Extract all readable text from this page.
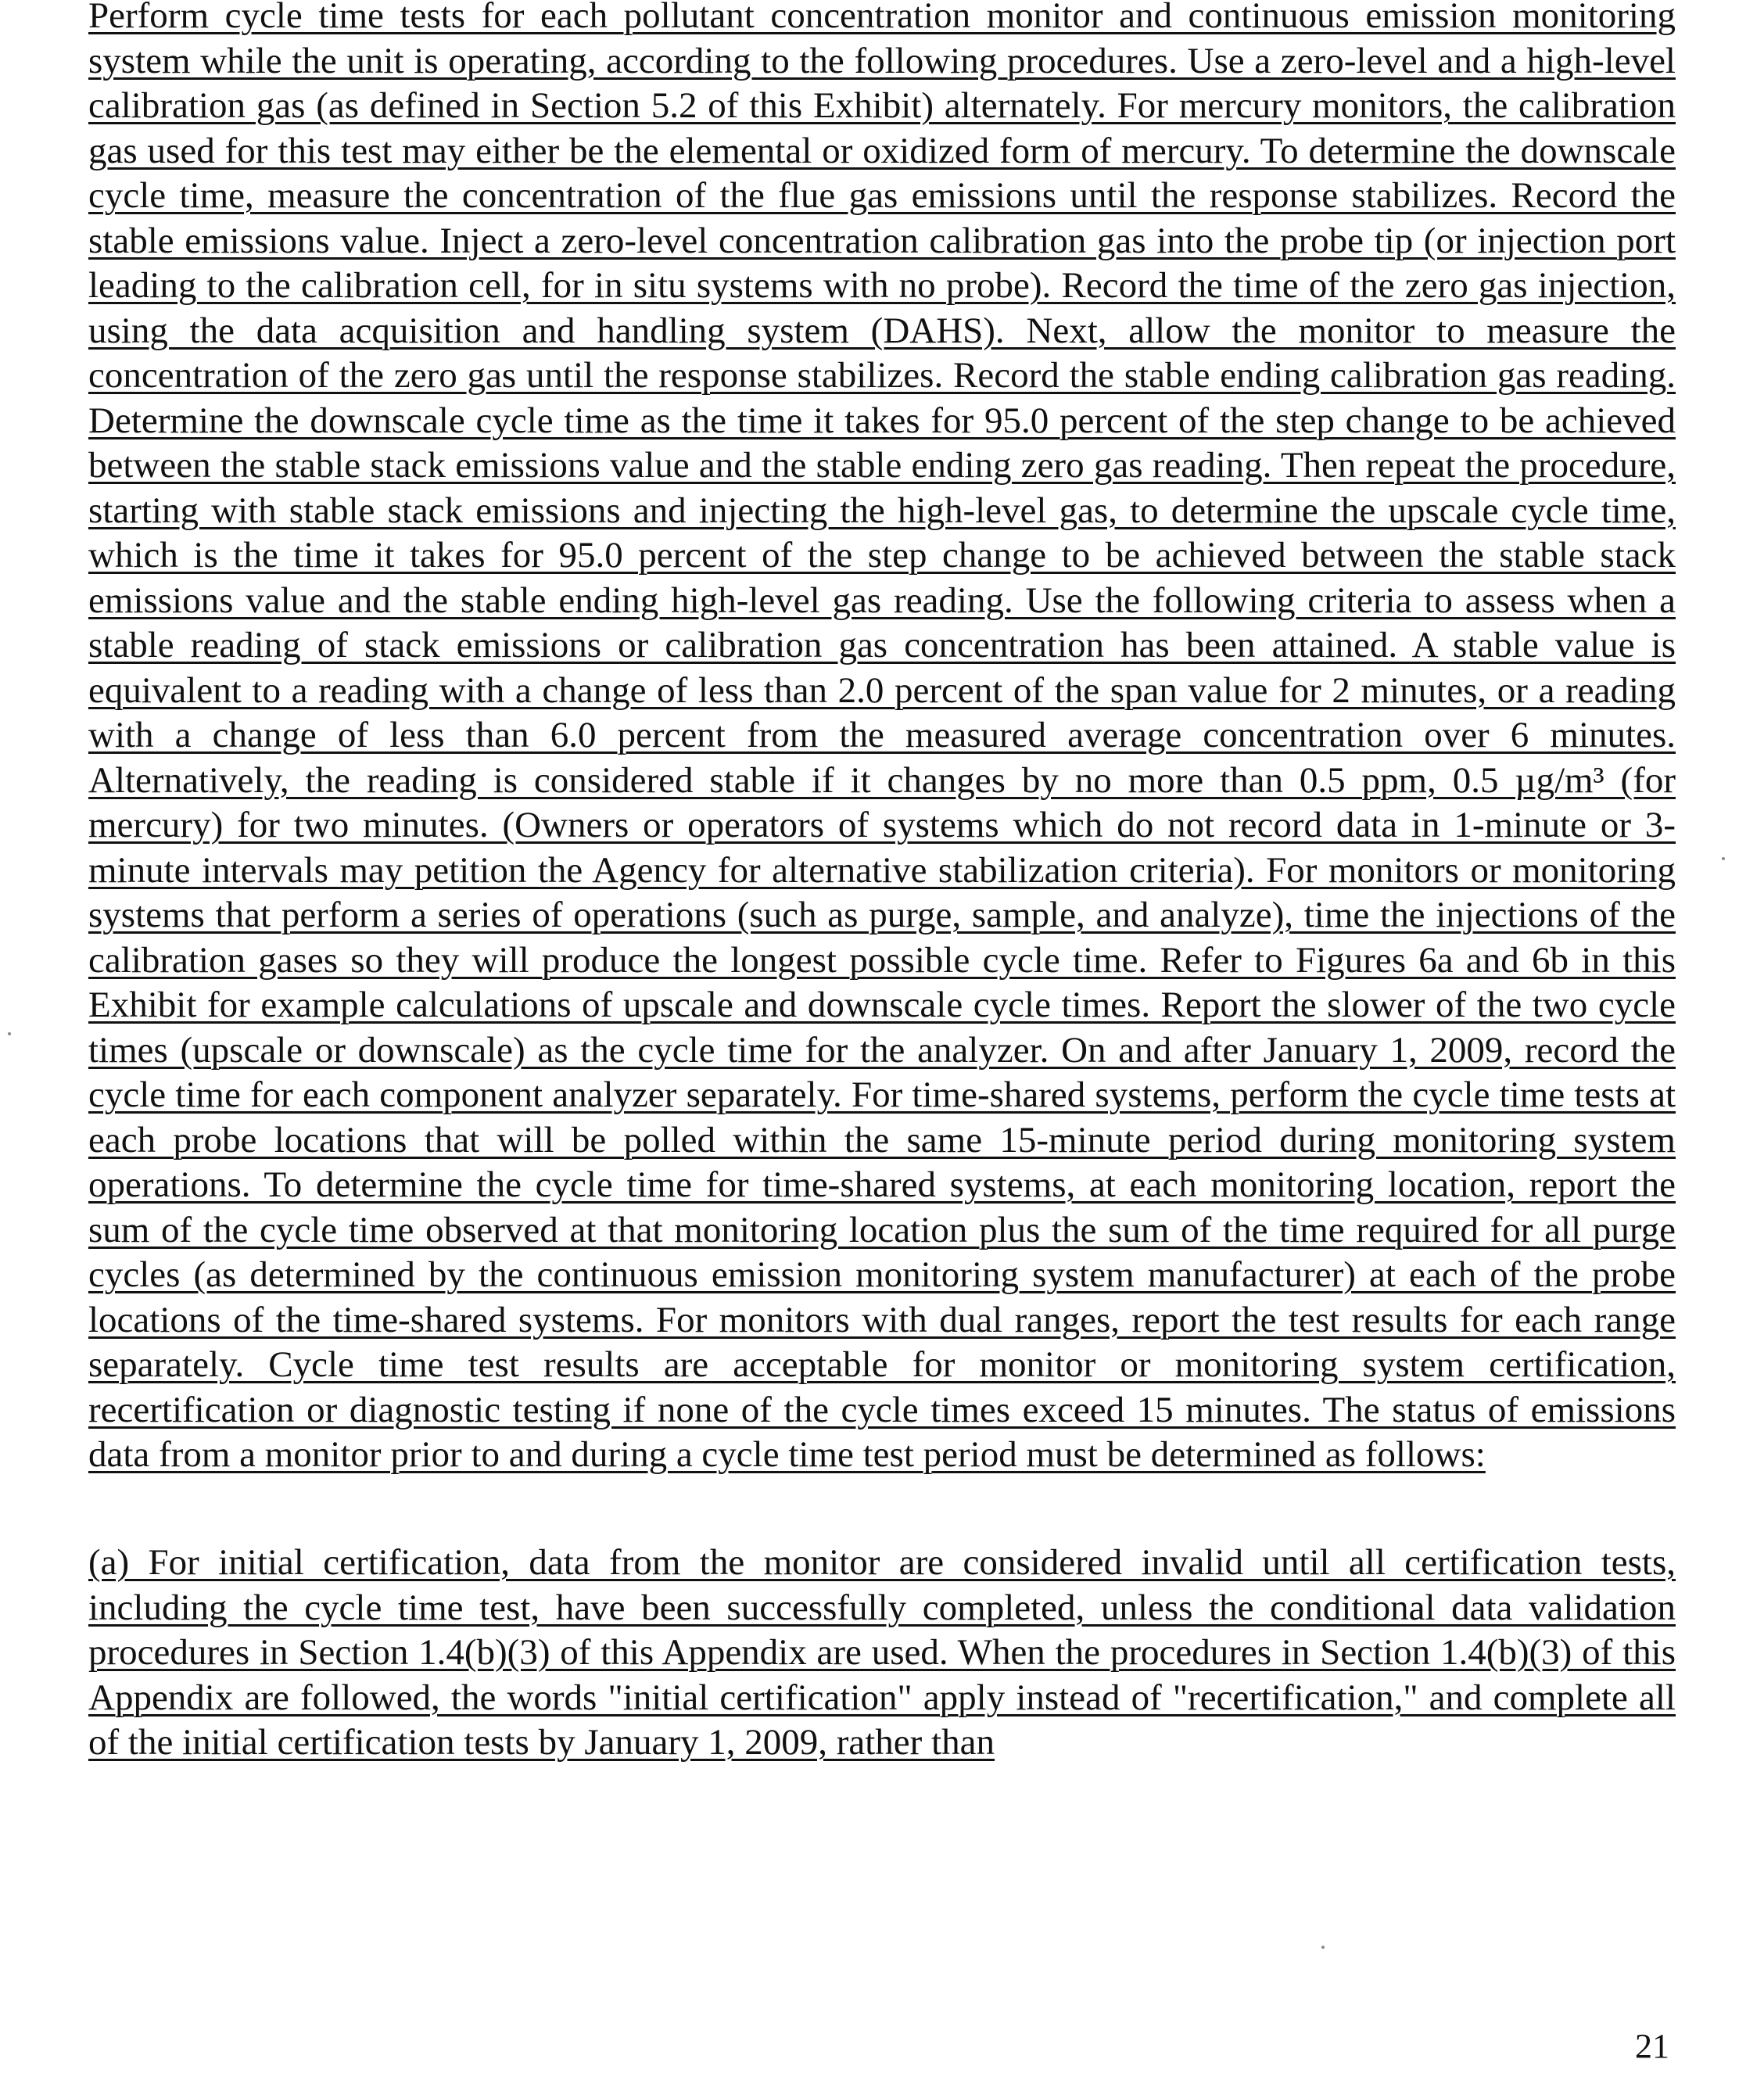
Perform cycle time tests for each pollutant concentration monitor and continuous emission monitoring system while the unit is operating, according to the following procedures. Use a zero-level and a high-level calibration gas (as defined in Section 5.2 of this Exhibit) alternately. For mercury monitors, the calibration gas used for this test may either be the elemental or oxidized form of mercury. To determine the downscale cycle time, measure the concentration of the flue gas emissions until the response stabilizes. Record the stable emissions value. Inject a zero-level concentration calibration gas into the probe tip (or injection port leading to the calibration cell, for in situ systems with no probe). Record the time of the zero gas injection, using the data acquisition and handling system (DAHS). Next, allow the monitor to measure the concentration of the zero gas until the response stabilizes. Record the stable ending calibration gas reading. Determine the downscale cycle time as the time it takes for 95.0 percent of the step change to be achieved between the stable stack emissions value and the stable ending zero gas reading. Then repeat the procedure, starting with stable stack emissions and injecting the high-level gas, to determine the upscale cycle time, which is the time it takes for 95.0 percent of the step change to be achieved between the stable stack emissions value and the stable ending high-level gas reading. Use the following criteria to assess when a stable reading of stack emissions or calibration gas concentration has been attained. A stable value is equivalent to a reading with a change of less than 2.0 percent of the span value for 2 minutes, or a reading with a change of less than 6.0 percent from the measured average concentration over 6 minutes. Alternatively, the reading is considered stable if it changes by no more than 0.5 ppm, 0.5 µg/m³ (for mercury) for two minutes. (Owners or operators of systems which do not record data in 1-minute or 3-minute intervals may petition the Agency for alternative stabilization criteria). For monitors or monitoring systems that perform a series of operations (such as purge, sample, and analyze), time the injections of the calibration gases so they will produce the longest possible cycle time. Refer to Figures 6a and 6b in this Exhibit for example calculations of upscale and downscale cycle times. Report the slower of the two cycle times (upscale or downscale) as the cycle time for the analyzer. On and after January 1, 2009, record the cycle time for each component analyzer separately. For time-shared systems, perform the cycle time tests at each probe locations that will be polled within the same 15-minute period during monitoring system operations. To determine the cycle time for time-shared systems, at each monitoring location, report the sum of the cycle time observed at that monitoring location plus the sum of the time required for all purge cycles (as determined by the continuous emission monitoring system manufacturer) at each of the probe locations of the time-shared systems. For monitors with dual ranges, report the test results for each range separately. Cycle time test results are acceptable for monitor or monitoring system certification, recertification or diagnostic testing if none of the cycle times exceed 15 minutes. The status of emissions data from a monitor prior to and during a cycle time test period must be determined as follows:

(a) For initial certification, data from the monitor are considered invalid until all certification tests, including the cycle time test, have been successfully completed, unless the conditional data validation procedures in Section 1.4(b)(3) of this Appendix are used. When the procedures in Section 1.4(b)(3) of this Appendix are followed, the words "initial certification" apply instead of "recertification," and complete all of the initial certification tests by January 1, 2009, rather than

21
